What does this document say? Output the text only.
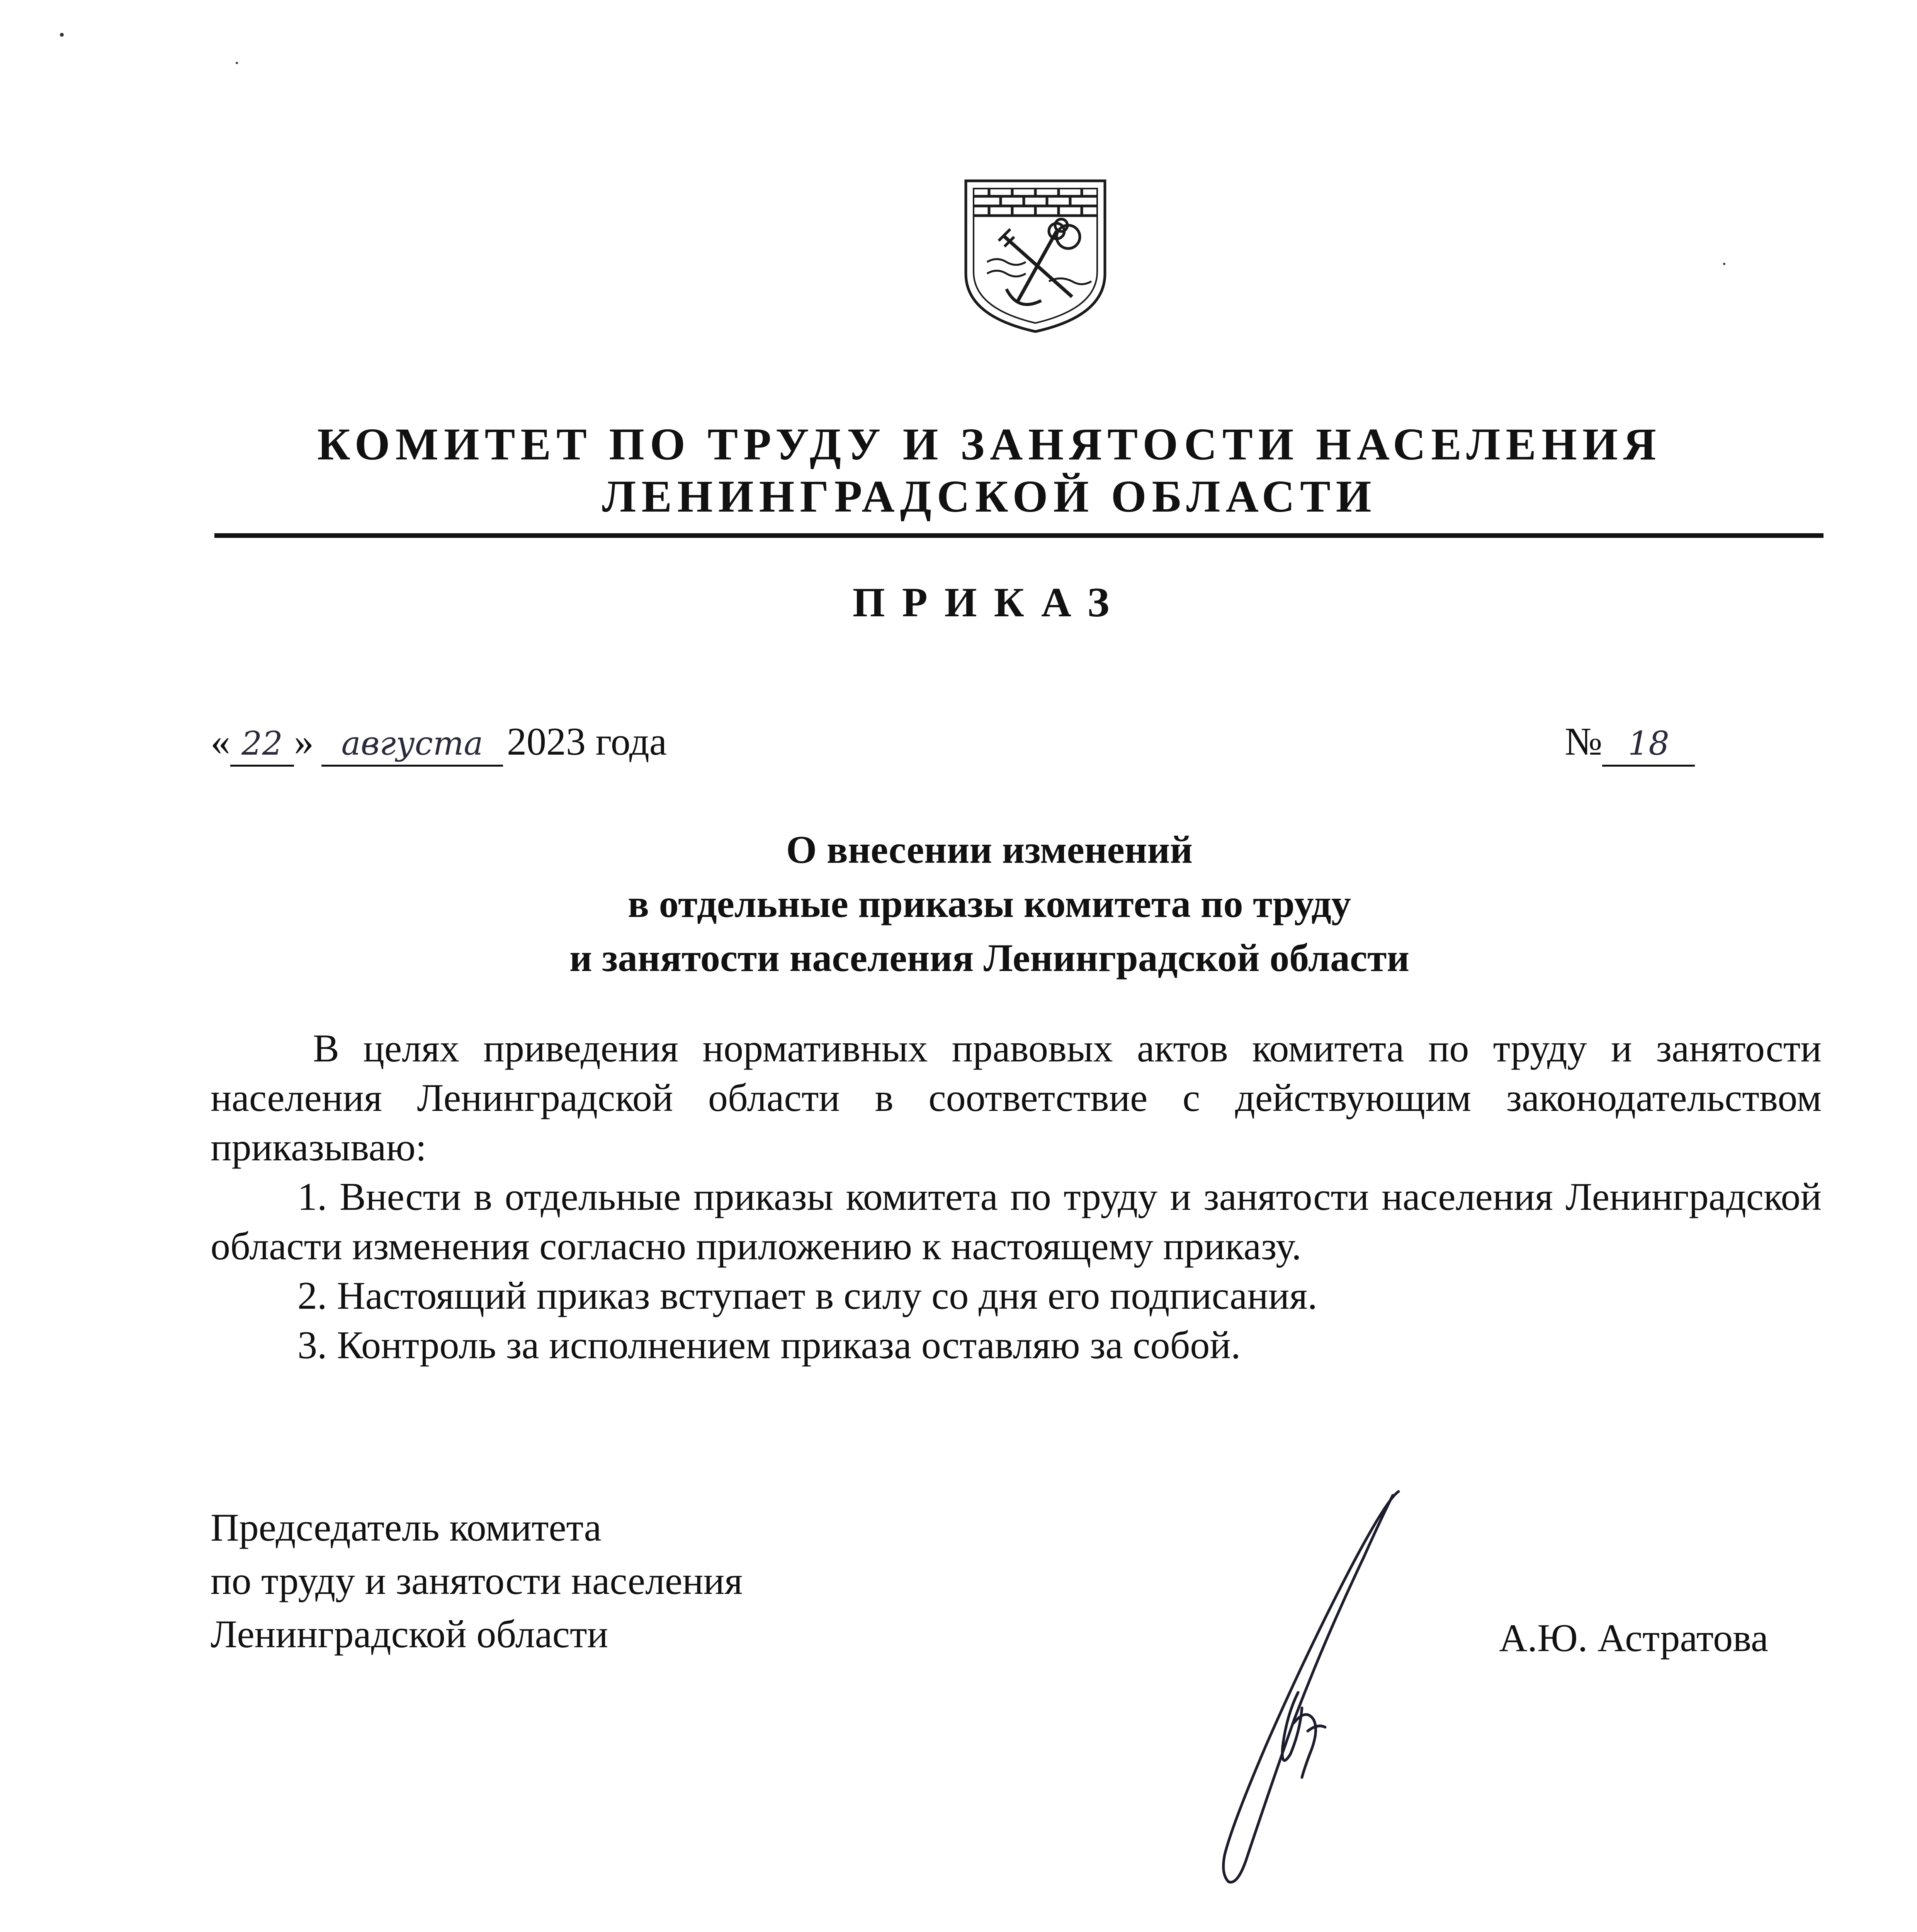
КОМИТЕТ ПО ТРУДУ И ЗАНЯТОСТИ НАСЕЛЕНИЯ
ЛЕНИНГРАДСКОЙ ОБЛАСТИ
ПРИКАЗ
« 22 » августа 2023 года	№ 18
О внесении изменений
в отдельные приказы комитета по труду
и занятости населения Ленинградской области

В целях приведения нормативных правовых актов комитета по труду и занятости населения Ленинградской области в соответствие с действующим законодательством приказываю:

1. Внести в отдельные приказы комитета по труду и занятости населения Ленинградской области изменения согласно приложению к настоящему приказу.

2. Настоящий приказ вступает в силу со дня его подписания.

3. Контроль за исполнением приказа оставляю за собой.

Председатель комитета
по труду и занятости населения
Ленинградской области	А.Ю. Астратова
